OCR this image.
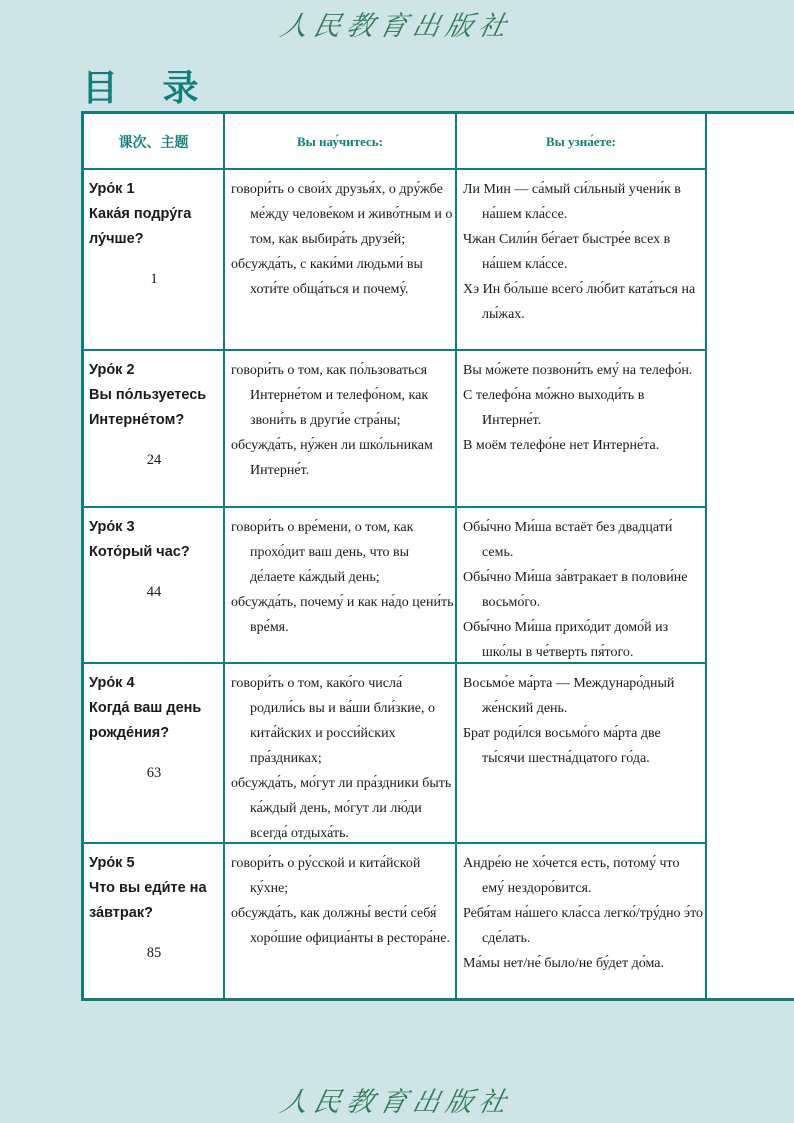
人民教育出版社
目 录
课次、主题	Вы нау́читесь:	Вы узна́ете:
Уро́к 1
Кака́я подру́га лу́чше?
1
говори́ть о свои́х друзья́х, о дру́жбе ме́жду челове́ком и живо́тным и о том, как выбира́ть друзе́й;
обсужда́ть, с каки́ми людьми́ вы хоти́те обща́ться и почему́.
Ли Мин — са́мый си́льный учени́к в на́шем кла́ссе.
Чжан Сили́н бе́гает быстре́е всех в на́шем кла́ссе.
Хэ Ин бо́льше всего́ лю́бит ката́ться на лы́жах.
Уро́к 2
Вы по́льзуетесь Интерне́том?
24
говори́ть о том, как по́льзоваться Интерне́том и телефо́ном, как звони́ть в други́е стра́ны;
обсужда́ть, ну́жен ли шко́льникам Интерне́т.
Вы мо́жете позвони́ть ему́ на телефо́н.
С телефо́на мо́жно выходи́ть в Интерне́т.
В моём телефо́не нет Интерне́та.
Уро́к 3
Кото́рый час?
44
говори́ть о вре́мени, о том, как прохо́дит ваш день, что вы де́лаете ка́ждый день;
обсужда́ть, почему́ и как на́до цени́ть вре́мя.
Обы́чно Ми́ша встаёт без двадцати́ семь.
Обы́чно Ми́ша за́втракает в полови́не восьмо́го.
Обы́чно Ми́ша прихо́дит домо́й из шко́лы в че́тверть пя́того.
Уро́к 4
Когда́ ваш день рожде́ния?
63
говори́ть о том, како́го числа́ родили́сь вы и ва́ши бли́зкие, о кита́йских и росси́йских пра́здниках;
обсужда́ть, мо́гут ли пра́здники быть ка́ждый день, мо́гут ли лю́ди всегда́ отдыха́ть.
Восьмо́е ма́рта — Междунаро́дный же́нский день.
Брат роди́лся восьмо́го ма́рта две ты́сячи шестна́дцатого го́да.
Уро́к 5
Что вы еди́те на за́втрак?
85
говори́ть о ру́сской и кита́йской ку́хне;
обсужда́ть, как должны́ вести́ себя́ хоро́шие официа́нты в рестора́не.
Андре́ю не хо́чется есть, потому́ что ему́ нездоро́вится.
Ребя́там на́шего кла́сса легко́/тру́дно э́то сде́лать.
Ма́мы нет/не́ было/не бу́дет до́ма.
人民教育出版社
